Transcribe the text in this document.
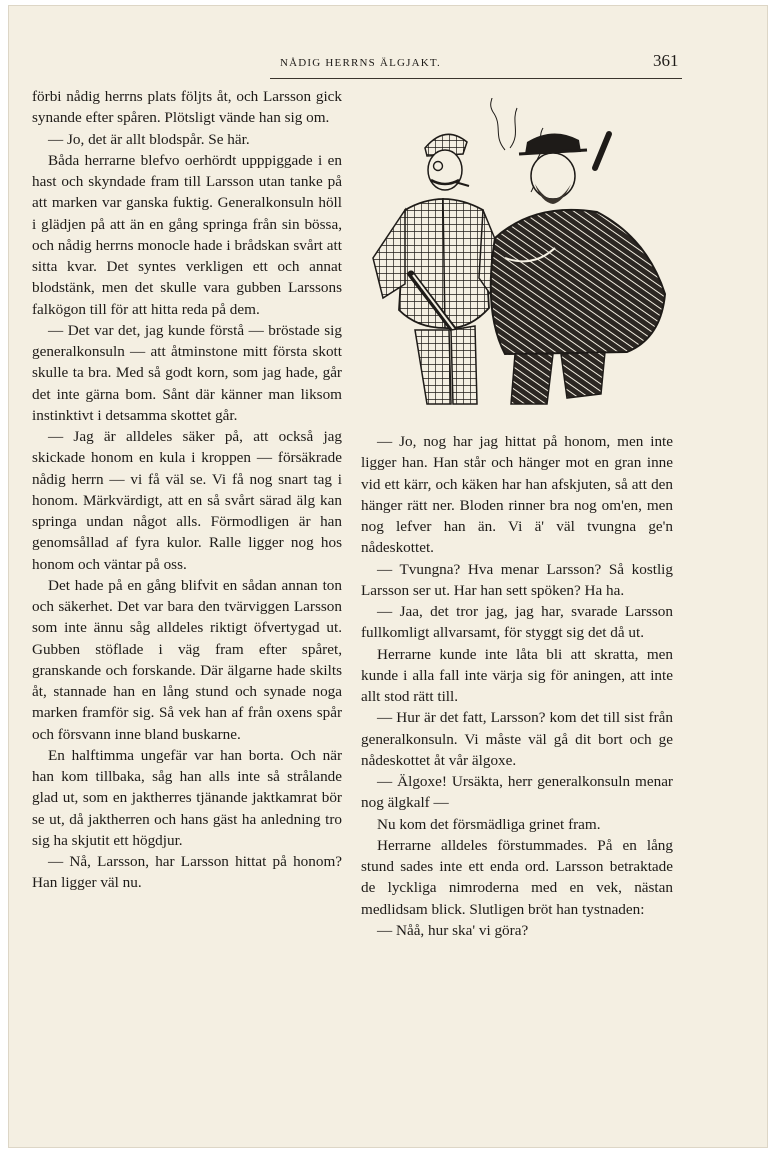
NÅDIG HERRNS ÄLGJAKT.	361

förbi nådig herrns plats följts åt, och Larsson gick synande efter spåren. Plötsligt vände han sig om.

— Jo, det är allt blodspår. Se här.

Båda herrarne blefvo oerhördt upppiggade i en hast och skyndade fram till Larsson utan tanke på att marken var ganska fuktig. Generalkonsuln höll i glädjen på att än en gång springa från sin bössa, och nådig herrns monocle hade i brådskan svårt att sitta kvar. Det syntes verkligen ett och annat blodstänk, men det skulle vara gubben Larssons falkögon till för att hitta reda på dem.

— Det var det, jag kunde förstå — bröstade sig generalkonsuln — att åtminstone mitt första skott skulle ta bra. Med så godt korn, som jag hade, går det inte gärna bom. Sånt där känner man liksom instinktivt i detsamma skottet går.

— Jag är alldeles säker på, att också jag skickade honom en kula i kroppen — försäkrade nådig herrn — vi få väl se. Vi få nog snart tag i honom. Märkvärdigt, att en så svårt särad älg kan springa undan något alls. Förmodligen är han genomsållad af fyra kulor. Ralle ligger nog hos honom och väntar på oss.

Det hade på en gång blifvit en sådan annan ton och säkerhet. Det var bara den tvärviggen Larsson som inte ännu såg alldeles riktigt öfvertygad ut. Gubben stöflade i väg fram efter spåret, granskande och forskande. Där älgarne hade skilts åt, stannade han en lång stund och synade noga marken framför sig. Så vek han af från oxens spår och försvann inne bland buskarne.

En halftimma ungefär var han borta. Och när han kom tillbaka, såg han alls inte så strålande glad ut, som en jaktherres tjänande jaktkamrat bör se ut, då jaktherren och hans gäst ha anledning tro sig ha skjutit ett högdjur.

— Nå, Larsson, har Larsson hittat på honom? Han ligger väl nu.

— Jo, nog har jag hittat på honom, men inte ligger han. Han står och hänger mot en gran inne vid ett kärr, och käken har han afskjuten, så att den hänger rätt ner. Bloden rinner bra nog om'en, men nog lefver han än. Vi ä' väl tvungna ge'n nådeskottet.

— Tvungna? Hva menar Larsson? Så kostlig Larsson ser ut. Har han sett spöken? Ha ha.

— Jaa, det tror jag, jag har, svarade Larsson fullkomligt allvarsamt, för styggt sig det då ut.

Herrarne kunde inte låta bli att skratta, men kunde i alla fall inte värja sig för aningen, att inte allt stod rätt till.

— Hur är det fatt, Larsson? kom det till sist från generalkonsuln. Vi måste väl gå dit bort och ge nådeskottet åt vår älgoxe.

— Älgoxe! Ursäkta, herr generalkonsuln menar nog älgkalf —

Nu kom det försmädliga grinet fram.

Herrarne alldeles förstummades. På en lång stund sades inte ett enda ord. Larsson betraktade de lyckliga nimroderna med en vek, nästan medlidsam blick. Slutligen bröt han tystnaden:

— Nåå, hur ska' vi göra?
